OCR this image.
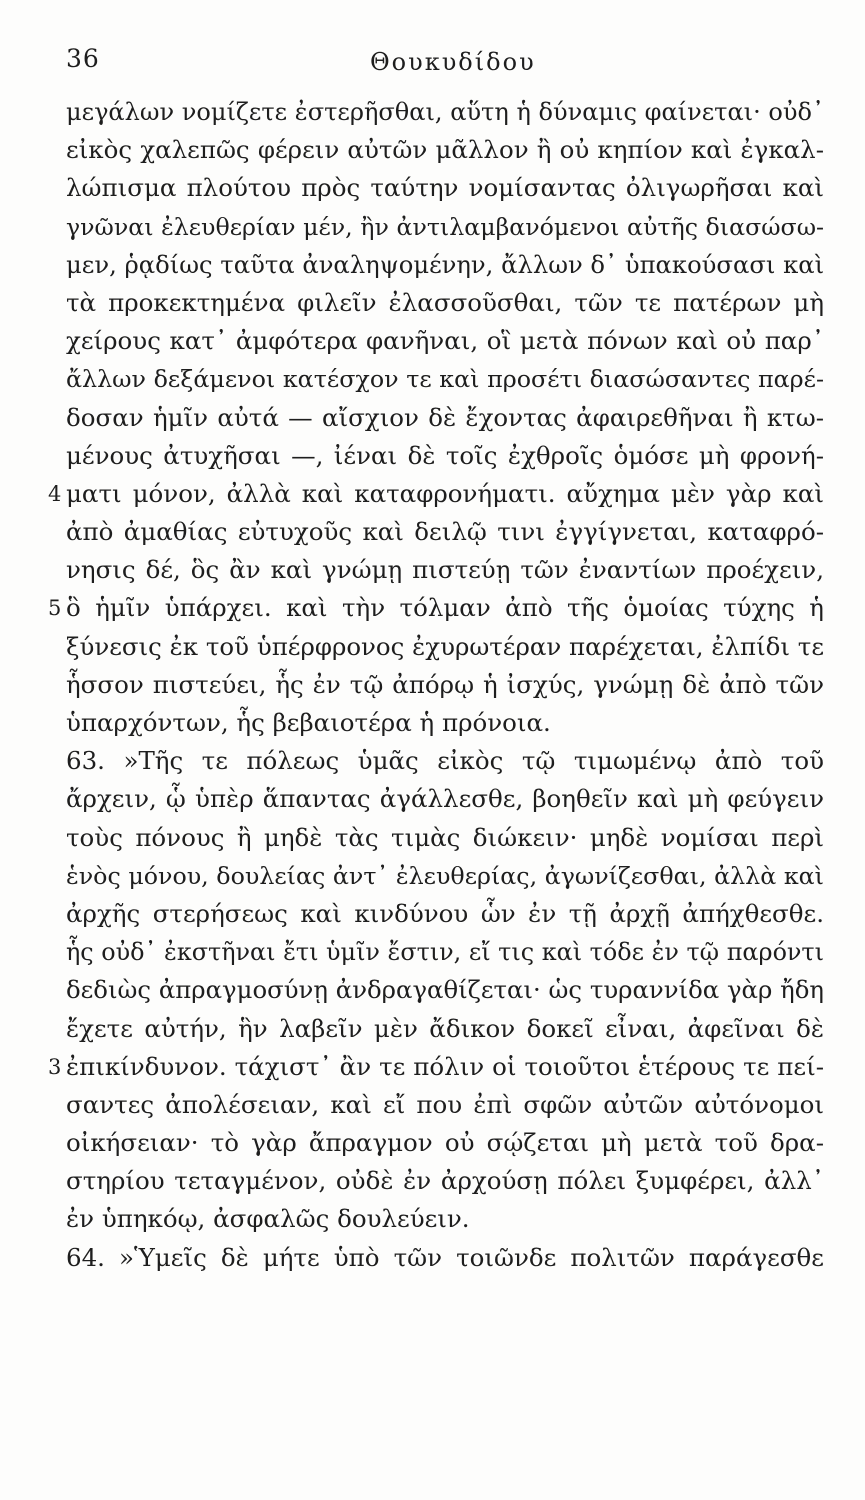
36	Θουκυδίδου
μεγάλων νομίζετε ἐστερῆσθαι, αὕτη ἡ δύναμις φαίνεται· οὐδ᾽
εἰκὸς χαλεπῶς φέρειν αὐτῶν μᾶλλον ἢ οὐ κηπίον καὶ ἐγκαλ-
λώπισμα πλούτου πρὸς ταύτην νομίσαντας ὀλιγωρῆσαι καὶ
γνῶναι ἐλευθερίαν μέν, ἢν ἀντιλαμβανόμενοι αὐτῆς διασώσω-
μεν, ῥᾳδίως ταῦτα ἀναληψομένην, ἄλλων δ᾽ ὑπακούσασι καὶ
τὰ προκεκτημένα φιλεῖν ἐλασσοῦσθαι, τῶν τε πατέρων μὴ
χείρους κατ᾽ ἀμφότερα φανῆναι, οἳ μετὰ πόνων καὶ οὐ παρ᾽
ἄλλων δεξάμενοι κατέσχον τε καὶ προσέτι διασώσαντες παρέ-
δοσαν ἡμῖν αὐτά — αἴσχιον δὲ ἔχοντας ἀφαιρεθῆναι ἢ κτω-
μένους ἀτυχῆσαι —, ἰέναι δὲ τοῖς ἐχθροῖς ὁμόσε μὴ φρονή-
4 ματι μόνον, ἀλλὰ καὶ καταφρονήματι. αὔχημα μὲν γὰρ καὶ
ἀπὸ ἀμαθίας εὐτυχοῦς καὶ δειλῷ τινι ἐγγίγνεται, καταφρό-
νησις δέ, ὃς ἂν καὶ γνώμῃ πιστεύῃ τῶν ἐναντίων προέχειν,
5 ὃ ἡμῖν ὑπάρχει. καὶ τὴν τόλμαν ἀπὸ τῆς ὁμοίας τύχης ἡ
ξύνεσις ἐκ τοῦ ὑπέρφρονος ἐχυρωτέραν παρέχεται, ἐλπίδι τε
ἧσσον πιστεύει, ἧς ἐν τῷ ἀπόρῳ ἡ ἰσχύς, γνώμῃ δὲ ἀπὸ τῶν
ὑπαρχόντων, ἧς βεβαιοτέρα ἡ πρόνοια.
63. »Τῆς τε πόλεως ὑμᾶς εἰκὸς τῷ τιμωμένῳ ἀπὸ τοῦ
ἄρχειν, ᾧ ὑπὲρ ἅπαντας ἀγάλλεσθε, βοηθεῖν καὶ μὴ φεύγειν
τοὺς πόνους ἢ μηδὲ τὰς τιμὰς διώκειν· μηδὲ νομίσαι περὶ
ἑνὸς μόνου, δουλείας ἀντ᾽ ἐλευθερίας, ἀγωνίζεσθαι, ἀλλὰ καὶ
ἀρχῆς στερήσεως καὶ κινδύνου ὧν ἐν τῇ ἀρχῇ ἀπήχθεσθε.
ἧς οὐδ᾽ ἐκστῆναι ἔτι ὑμῖν ἔστιν, εἴ τις καὶ τόδε ἐν τῷ παρόντι
δεδιὼς ἀπραγμοσύνῃ ἀνδραγαθίζεται· ὡς τυραννίδα γὰρ ἤδη
ἔχετε αὐτήν, ἣν λαβεῖν μὲν ἄδικον δοκεῖ εἶναι, ἀφεῖναι δὲ
3 ἐπικίνδυνον. τάχιστ᾽ ἂν τε πόλιν οἱ τοιοῦτοι ἑτέρους τε πεί-
σαντες ἀπολέσειαν, καὶ εἴ που ἐπὶ σφῶν αὐτῶν αὐτόνομοι
οἰκήσειαν· τὸ γὰρ ἄπραγμον οὐ σῴζεται μὴ μετὰ τοῦ δρα-
στηρίου τεταγμένον, οὐδὲ ἐν ἀρχούσῃ πόλει ξυμφέρει, ἀλλ᾽
ἐν ὑπηκόῳ, ἀσφαλῶς δουλεύειν.
64. »Ὑμεῖς δὲ μήτε ὑπὸ τῶν τοιῶνδε πολιτῶν παράγεσθε
